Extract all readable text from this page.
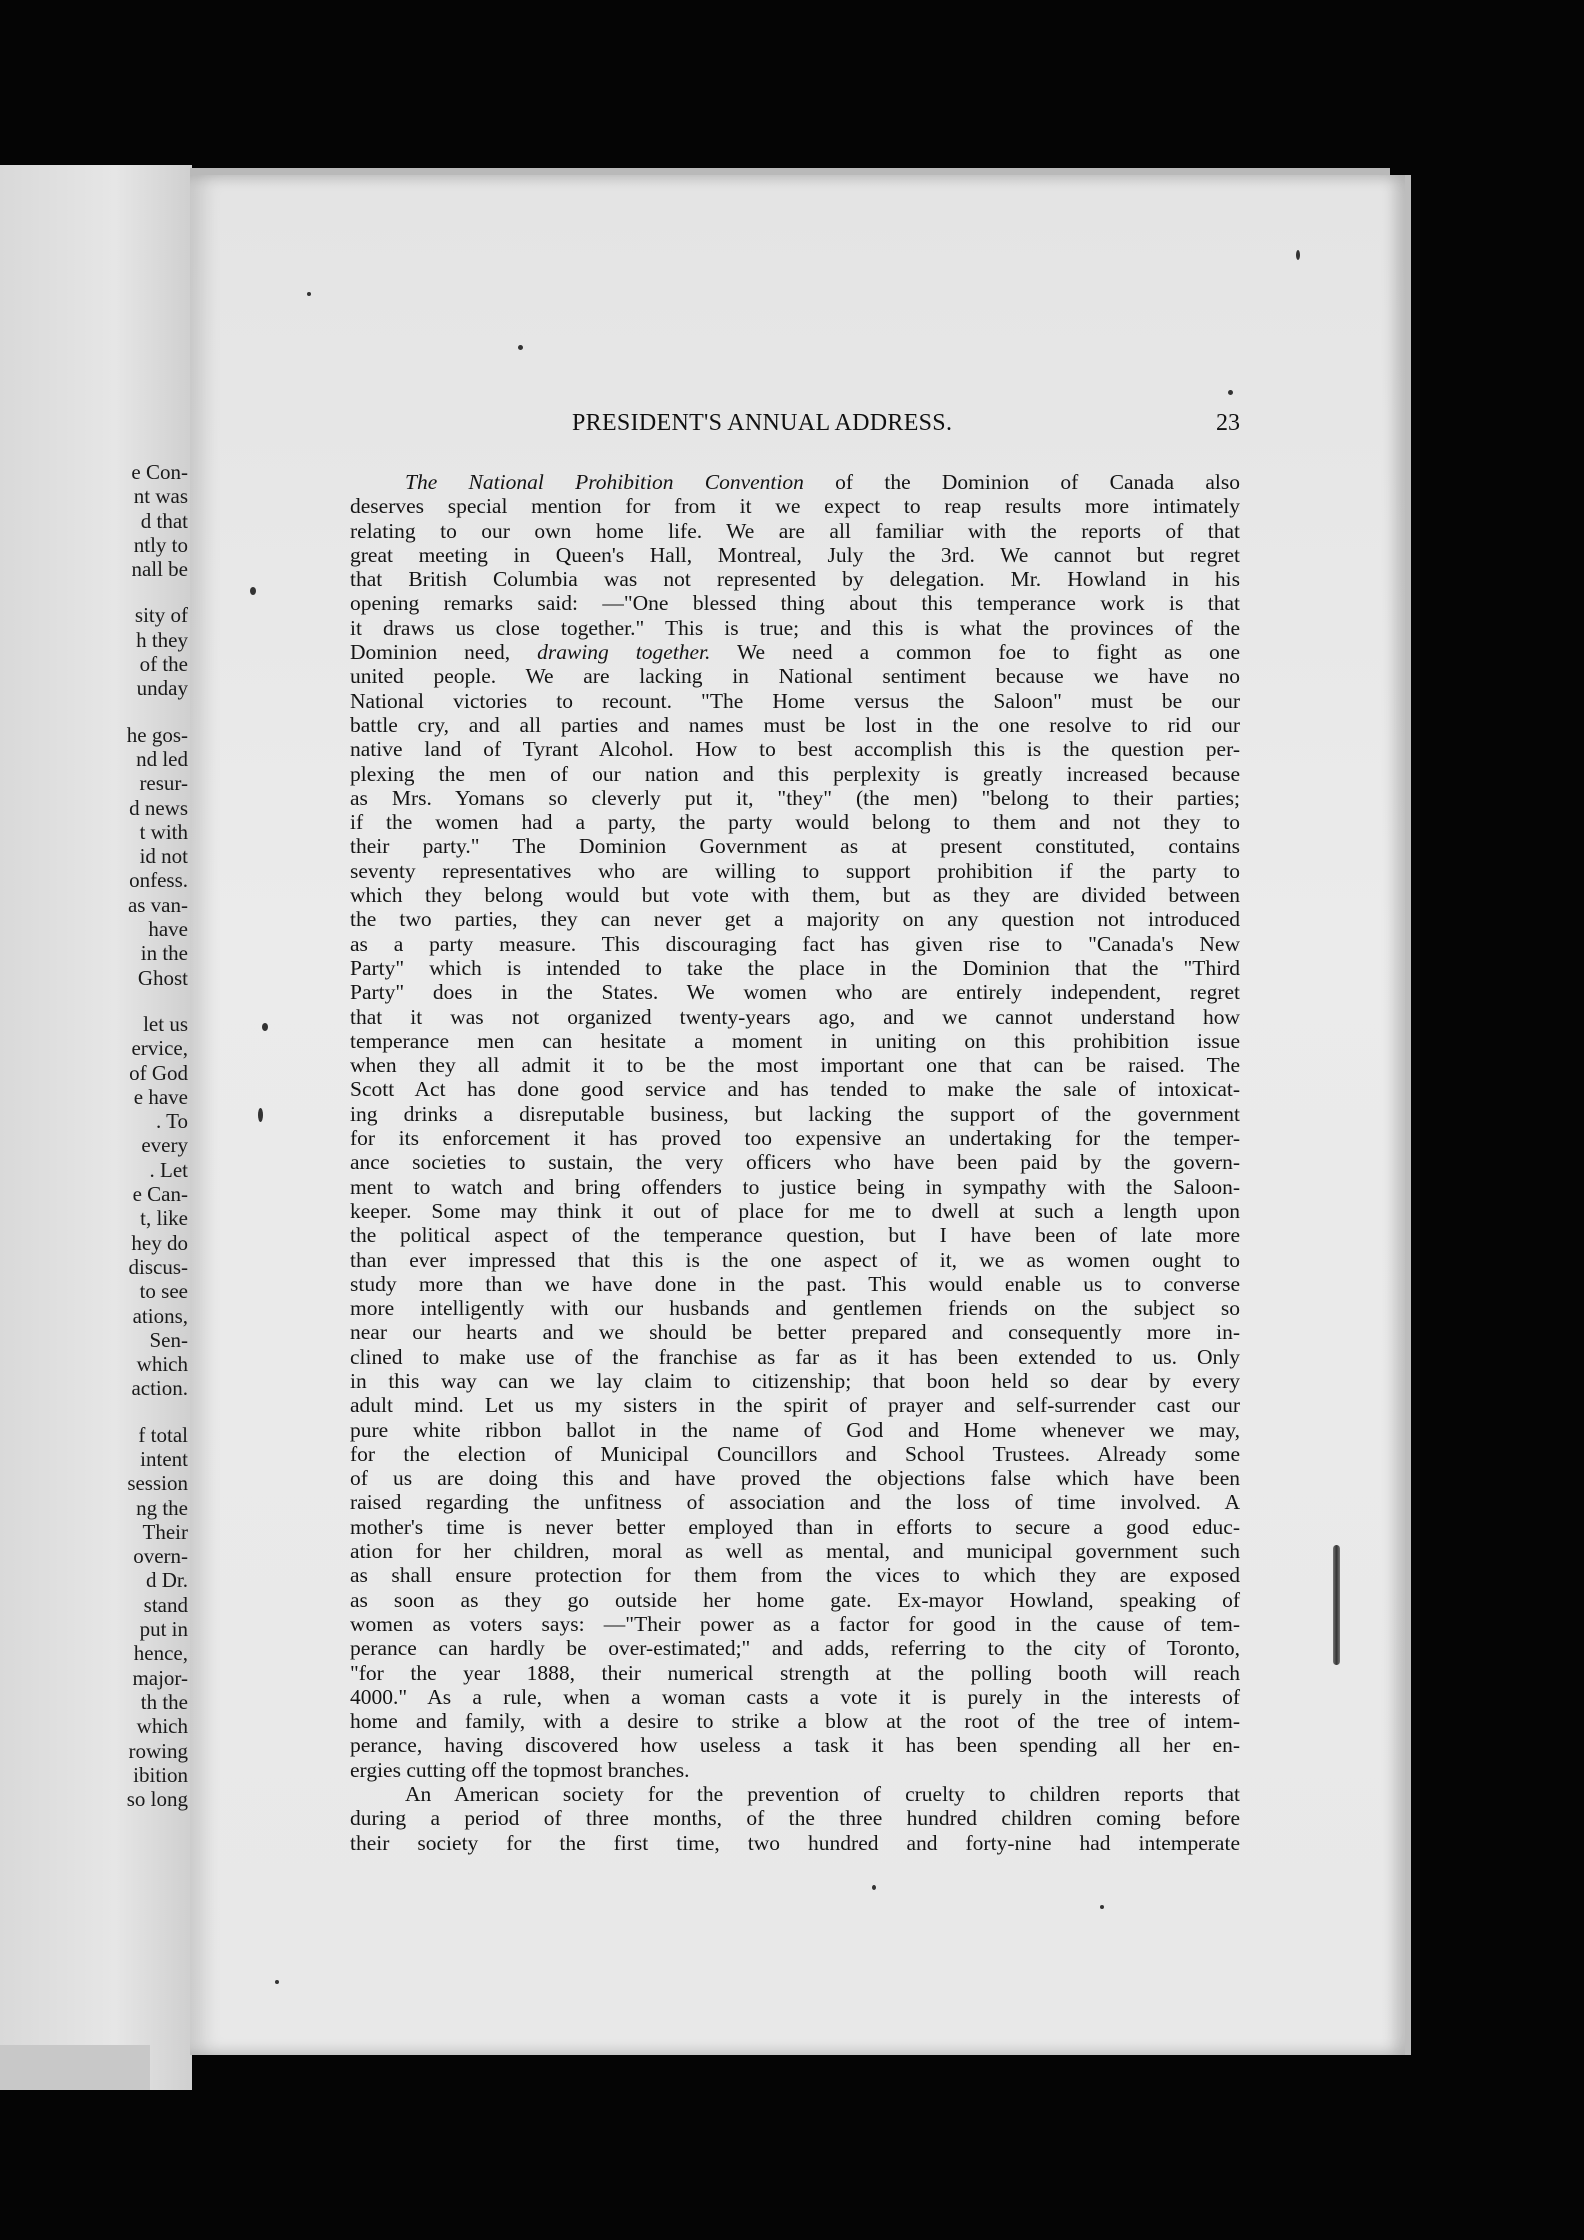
e Con-
nt was
d that
ntly to
nall be
sity of
h they
of the
unday
he gos-
nd led
resur-
d news
t with
id not
onfess.
as van-
have
in the
Ghost
let us
ervice,
of God
e have
. To
every
. Let
e Can-
t, like
hey do
discus-
to see
ations,
Sen-
which
action.
f total
intent
session
ng the
Their
overn-
d Dr.
stand
put in
hence,
major-
th the
which
rowing
ibition
so long
PRESIDENT'S ANNUAL ADDRESS.	23

The National Prohibition Convention of the Dominion of Canada also

deserves special mention for from it we expect to reap results more intimately

relating to our own home life. We are all familiar with the reports of that

great meeting in Queen's Hall, Montreal, July the 3rd. We cannot but regret

that British Columbia was not represented by delegation. Mr. Howland in his

opening remarks said: —"One blessed thing about this temperance work is that

it draws us close together." This is true; and this is what the provinces of the

Dominion need, drawing together. We need a common foe to fight as one

united people. We are lacking in National sentiment because we have no

National victories to recount. "The Home versus the Saloon" must be our

battle cry, and all parties and names must be lost in the one resolve to rid our

native land of Tyrant Alcohol. How to best accomplish this is the question per-

plexing the men of our nation and this perplexity is greatly increased because

as Mrs. Yomans so cleverly put it, "they" (the men) "belong to their parties;

if the women had a party, the party would belong to them and not they to

their party." The Dominion Government as at present constituted, contains

seventy representatives who are willing to support prohibition if the party to

which they belong would but vote with them, but as they are divided between

the two parties, they can never get a majority on any question not introduced

as a party measure. This discouraging fact has given rise to "Canada's New

Party" which is intended to take the place in the Dominion that the "Third

Party" does in the States. We women who are entirely independent, regret

that it was not organized twenty-years ago, and we cannot understand how

temperance men can hesitate a moment in uniting on this prohibition issue

when they all admit it to be the most important one that can be raised. The

Scott Act has done good service and has tended to make the sale of intoxicat-

ing drinks a disreputable business, but lacking the support of the government

for its enforcement it has proved too expensive an undertaking for the temper-

ance societies to sustain, the very officers who have been paid by the govern-

ment to watch and bring offenders to justice being in sympathy with the Saloon-

keeper. Some may think it out of place for me to dwell at such a length upon

the political aspect of the temperance question, but I have been of late more

than ever impressed that this is the one aspect of it, we as women ought to

study more than we have done in the past. This would enable us to converse

more intelligently with our husbands and gentlemen friends on the subject so

near our hearts and we should be better prepared and consequently more in-

clined to make use of the franchise as far as it has been extended to us. Only

in this way can we lay claim to citizenship; that boon held so dear by every

adult mind. Let us my sisters in the spirit of prayer and self-surrender cast our

pure white ribbon ballot in the name of God and Home whenever we may,

for the election of Municipal Councillors and School Trustees. Already some

of us are doing this and have proved the objections false which have been

raised regarding the unfitness of association and the loss of time involved. A

mother's time is never better employed than in efforts to secure a good educ-

ation for her children, moral as well as mental, and municipal government such

as shall ensure protection for them from the vices to which they are exposed

as soon as they go outside her home gate. Ex-mayor Howland, speaking of

women as voters says: —"Their power as a factor for good in the cause of tem-

perance can hardly be over-estimated;" and adds, referring to the city of Toronto,

"for the year 1888, their numerical strength at the polling booth will reach

4000." As a rule, when a woman casts a vote it is purely in the interests of

home and family, with a desire to strike a blow at the root of the tree of intem-

perance, having discovered how useless a task it has been spending all her en-

ergies cutting off the topmost branches.

An American society for the prevention of cruelty to children reports that

during a period of three months, of the three hundred children coming before

their society for the first time, two hundred and forty-nine had intemperate
